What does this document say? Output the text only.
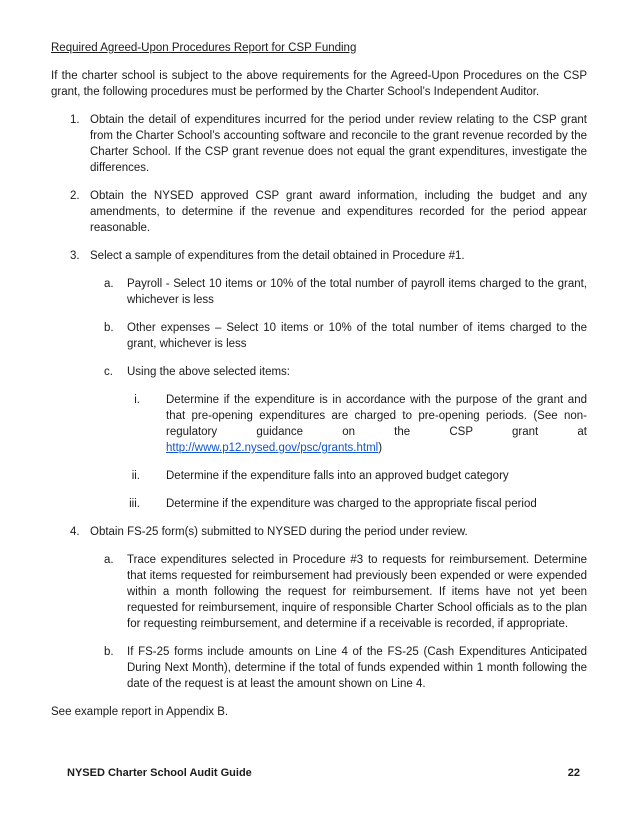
Required Agreed-Upon Procedures Report for CSP Funding

If the charter school is subject to the above requirements for the Agreed-Upon Procedures on the CSP grant, the following procedures must be performed by the Charter School’s Independent Auditor.

1. Obtain the detail of expenditures incurred for the period under review relating to the CSP grant from the Charter School’s accounting software and reconcile to the grant revenue recorded by the Charter School. If the CSP grant revenue does not equal the grant expenditures, investigate the differences.
2. Obtain the NYSED approved CSP grant award information, including the budget and any amendments, to determine if the revenue and expenditures recorded for the period appear reasonable.
3. Select a sample of expenditures from the detail obtained in Procedure #1.
a.	Payroll - Select 10 items or 10% of the total number of payroll items charged to the grant, whichever is less
b.	Other expenses – Select 10 items or 10% of the total number of items charged to the grant, whichever is less
c.	Using the above selected items:
i. Determine if the expenditure is in accordance with the purpose of the grant and that pre-opening expenditures are charged to pre-opening periods. (See non-regulatory guidance on the CSP grant at http://www.p12.nysed.gov/psc/grants.html)
ii. Determine if the expenditure falls into an approved budget category
iii. Determine if the expenditure was charged to the appropriate fiscal period
4. Obtain FS-25 form(s) submitted to NYSED during the period under review.
a.	Trace expenditures selected in Procedure #3 to requests for reimbursement. Determine that items requested for reimbursement had previously been expended or were expended within a month following the request for reimbursement. If items have not yet been requested for reimbursement, inquire of responsible Charter School officials as to the plan for requesting reimbursement, and determine if a receivable is recorded, if appropriate.
b.	If FS-25 forms include amounts on Line 4 of the FS-25 (Cash Expenditures Anticipated During Next Month), determine if the total of funds expended within 1 month following the date of the request is at least the amount shown on Line 4.

See example report in Appendix B.

NYSED Charter School Audit Guide	22
